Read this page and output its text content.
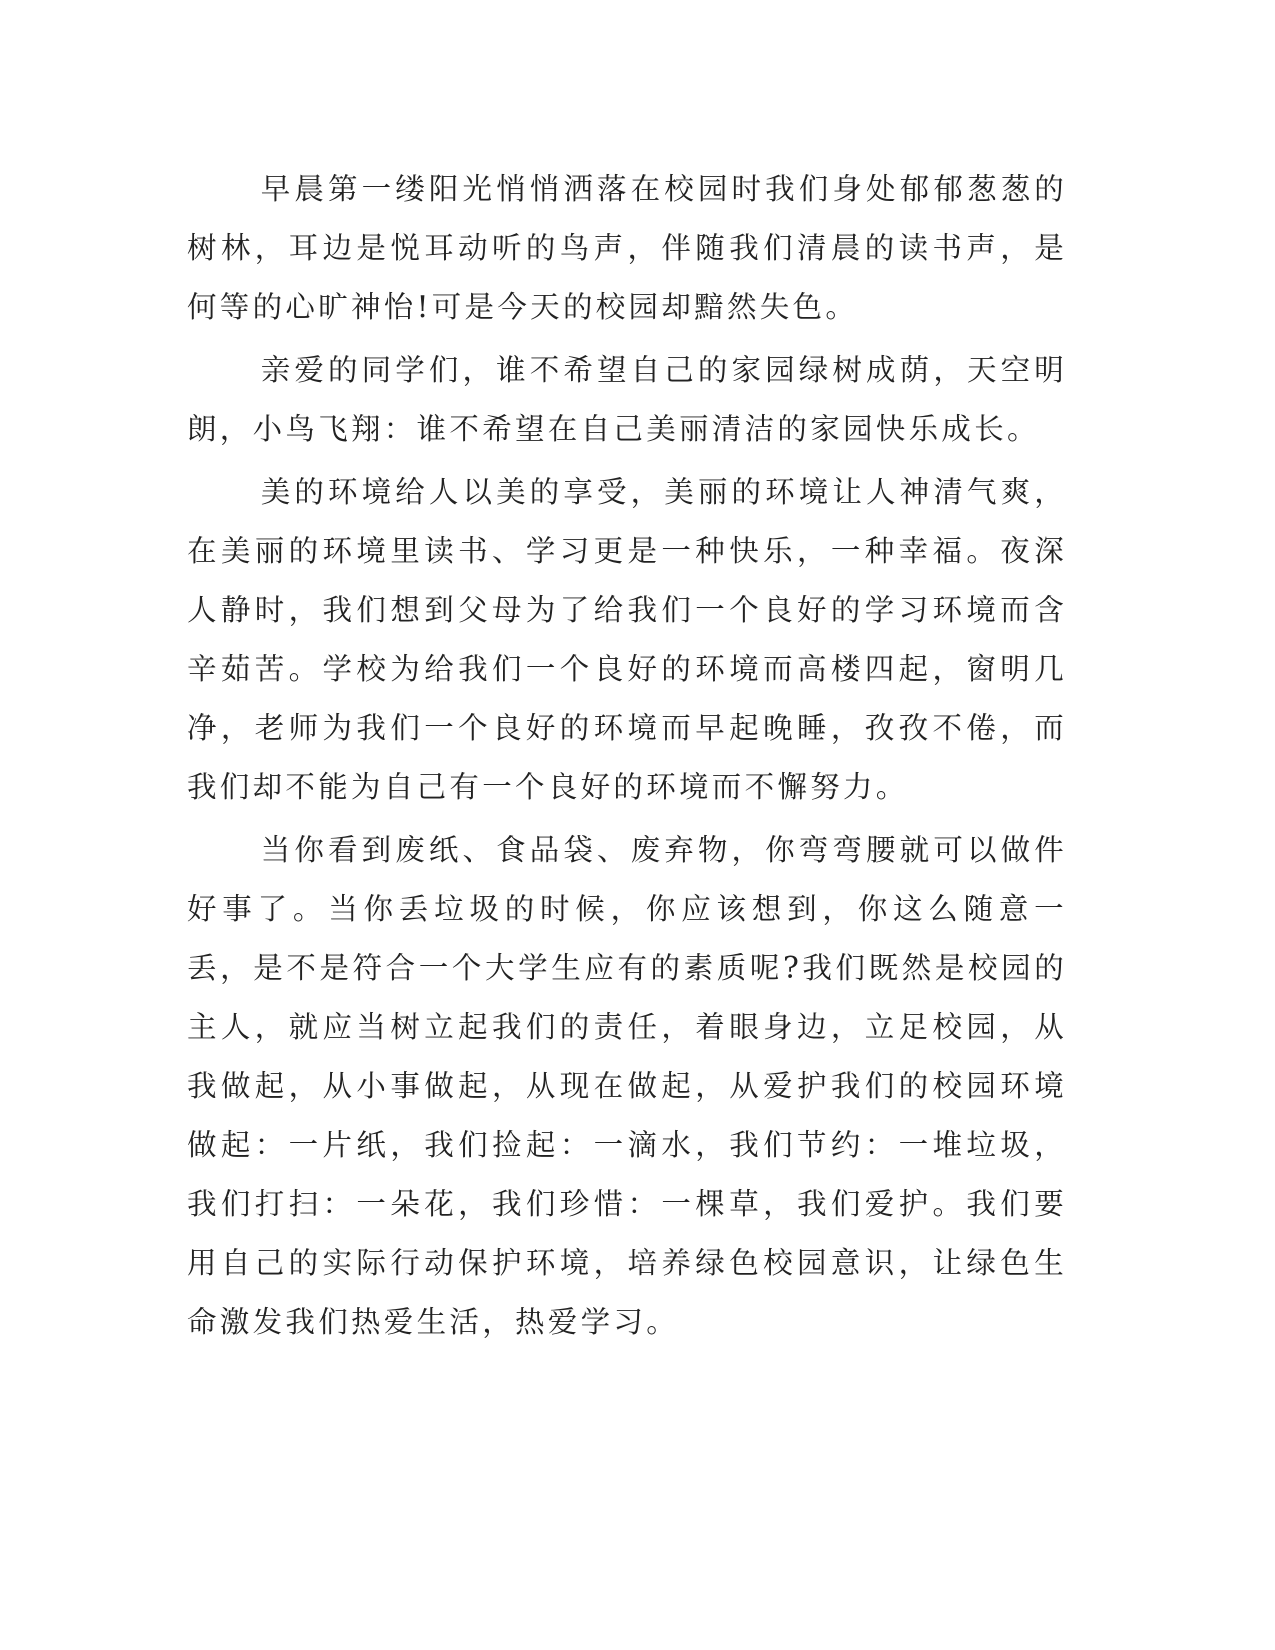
早晨第一缕阳光悄悄洒落在校园时我们身处郁郁葱葱的树林，耳边是悦耳动听的鸟声，伴随我们清晨的读书声，是何等的心旷神怡!可是今天的校园却黯然失色。

亲爱的同学们，谁不希望自己的家园绿树成荫，天空明朗，小鸟飞翔：谁不希望在自己美丽清洁的家园快乐成长。

美的环境给人以美的享受，美丽的环境让人神清气爽，在美丽的环境里读书、学习更是一种快乐，一种幸福。夜深人静时，我们想到父母为了给我们一个良好的学习环境而含辛茹苦。学校为给我们一个良好的环境而高楼四起，窗明几净，老师为我们一个良好的环境而早起晚睡，孜孜不倦，而我们却不能为自己有一个良好的环境而不懈努力。

当你看到废纸、食品袋、废弃物，你弯弯腰就可以做件好事了。当你丢垃圾的时候，你应该想到，你这么随意一丢，是不是符合一个大学生应有的素质呢?我们既然是校园的主人，就应当树立起我们的责任，着眼身边，立足校园，从我做起，从小事做起，从现在做起，从爱护我们的校园环境做起：一片纸，我们捡起：一滴水，我们节约：一堆垃圾，我们打扫：一朵花，我们珍惜：一棵草，我们爱护。我们要用自己的实际行动保护环境，培养绿色校园意识，让绿色生命激发我们热爱生活，热爱学习。
